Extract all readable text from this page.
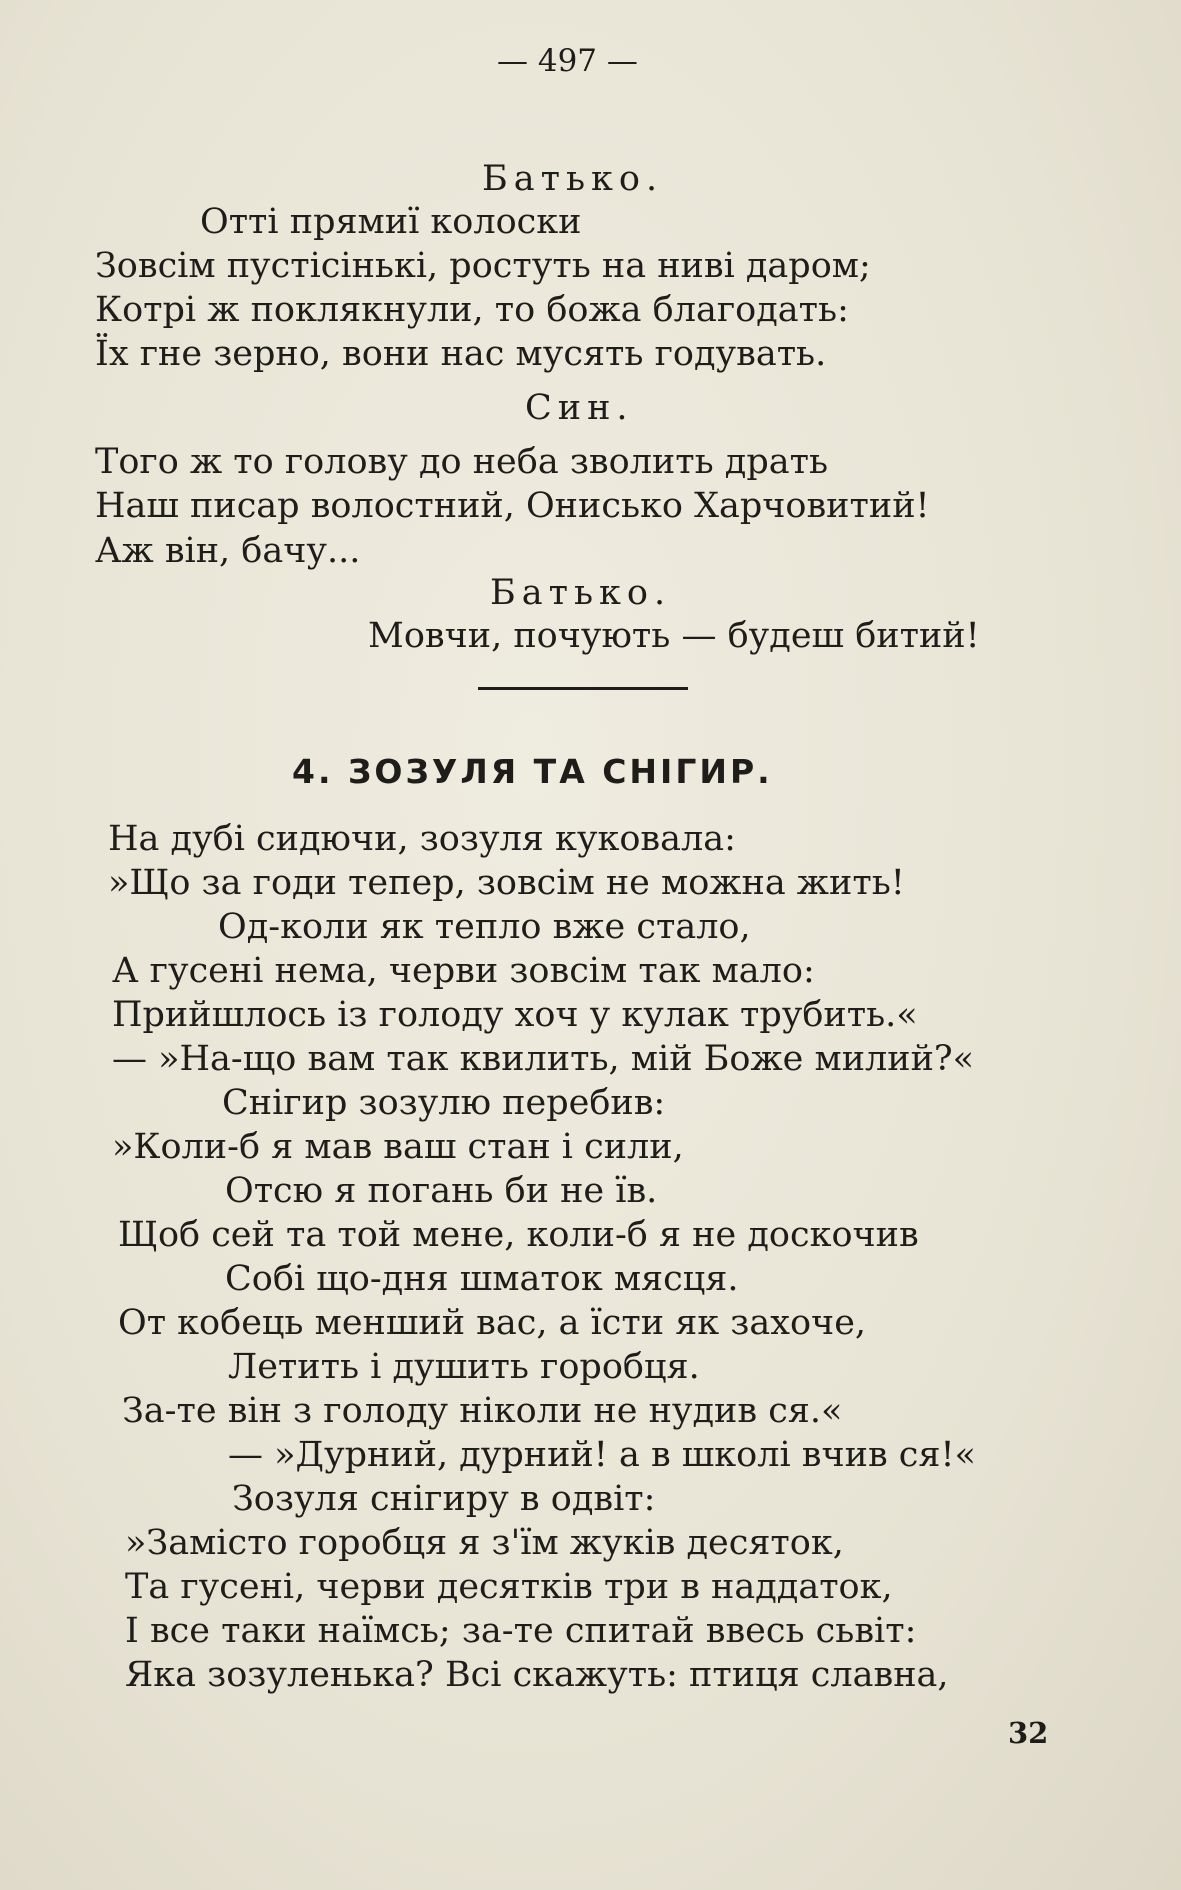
— 497 —
Батько.
Отті прямиї колоски
Зовсім пустісінькі, ростуть на ниві даром;
Котрі ж поклякнули, то божа благодать:
Їх гне зерно, вони нас мусять годувать.
Син.
Того ж то голову до неба зволить драть
Наш писар волостний, Онисько Харчовитий!
Аж він, бачу...
Батько.
Мовчи, почують — будеш битий!
4. ЗОЗУЛЯ ТА СНІГИР.
На дубі сидючи, зозуля куковала:
»Що за годи тепер, зовсім не можна жить!
Од-коли як тепло вже стало,
А гусені нема, черви зовсім так мало:
Прийшлось із голоду хоч у кулак трубить.«
— »На-що вам так квилить, мій Боже милий?«
Снігир зозулю перебив:
»Коли-б я мав ваш стан і сили,
Отсю я погань би не їв.
Щоб сей та той мене, коли-б я не доскочив
Собі що-дня шматок мясця.
От кобець менший вас, а їсти як захоче,
Летить і душить горобця.
За-те він з голоду ніколи не нудив ся.«
— »Дурний, дурний! а в школі вчив ся!«
Зозуля снігиру в одвіт:
»Замісто горобця я з'їм жуків десяток,
Та гусені, черви десятків три в наддаток,
І все таки наїмсь; за-те спитай ввесь сьвіт:
Яка зозуленька? Всі скажуть: птиця славна,
32
